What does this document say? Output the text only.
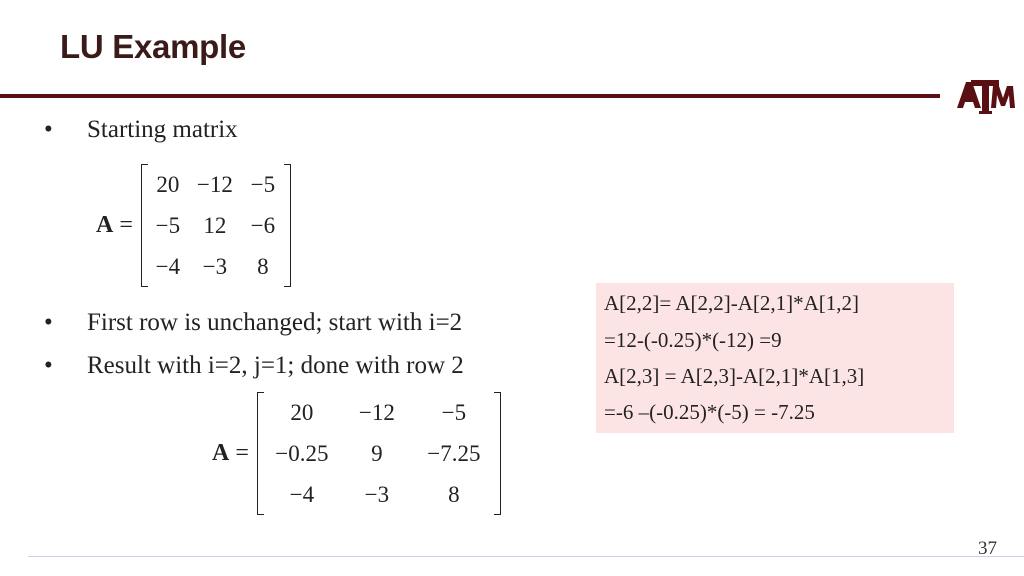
LU Example
• Starting matrix
A =
20 −12 −5
−5	12	−6
−4 −3	8
• First row is unchanged; start with i=2
• Result with i=2, j=1; done with row 2
A =
20	−12	−5
−0.25	9	−7.25
−4	−3	8
A[2,2]= A[2,2]-A[2,1]*A[1,2]
=12-(-0.25)*(-12) =9
A[2,3] = A[2,3]-A[2,1]*A[1,3]
=-6 –(-0.25)*(-5) = -7.25
37
